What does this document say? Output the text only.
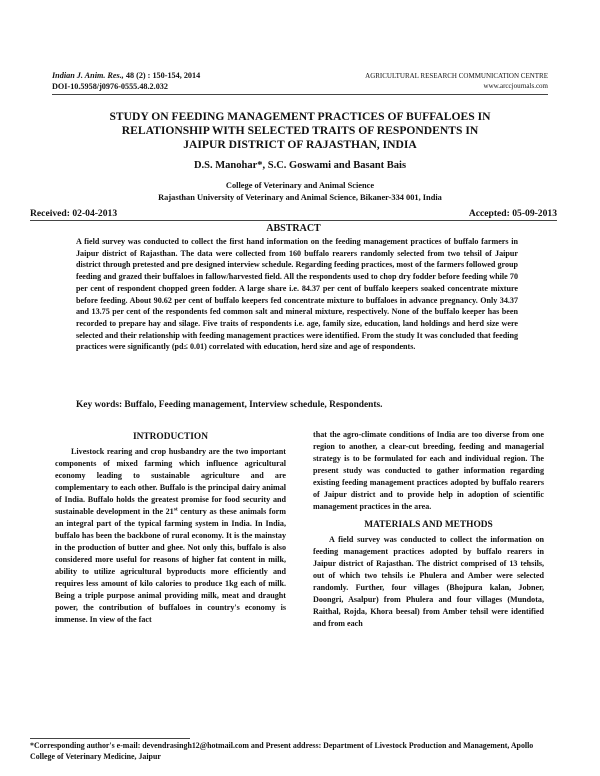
Indian J. Anim. Res., 48 (2) : 150-154, 2014
DOI-10.5958/j0976-0555.48.2.032
AGRICULTURAL RESEARCH COMMUNICATION CENTRE
www.arccjournals.com
STUDY ON FEEDING MANAGEMENT PRACTICES OF BUFFALOES IN
RELATIONSHIP WITH SELECTED TRAITS OF RESPONDENTS IN
JAIPUR DISTRICT OF RAJASTHAN, INDIA
D.S. Manohar*, S.C. Goswami and Basant Bais
College of Veterinary and Animal Science
Rajasthan University of Veterinary and Animal Science, Bikaner-334 001, India
Received: 02-04-2013	Accepted: 05-09-2013
ABSTRACT
A field survey was conducted to collect the first hand information on the feeding management practices of buffalo farmers in Jaipur district of Rajasthan. The data were collected from 160 buffalo rearers randomly selected from two tehsil of Jaipur district through pretested and pre designed interview schedule. Regarding feeding practices, most of the farmers followed group feeding and grazed their buffaloes in fallow/harvested field. All the respondents used to chop dry fodder before feeding while 70 per cent of respondent chopped green fodder. A large share i.e. 84.37 per cent of buffalo keepers soaked concentrate mixture before feeding. About 90.62 per cent of buffalo keepers fed concentrate mixture to buffaloes in advance pregnancy. Only 34.37 and 13.75 per cent of the respondents fed common salt and mineral mixture, respectively. None of the buffalo keeper has been recorded to prepare hay and silage. Five traits of respondents i.e. age, family size, education, land holdings and herd size were selected and their relationship with feeding management practices were identified. From the study It was concluded that feeding practices were significantly (pd≤ 0.01) correlated with education, herd size and age of respondents.
Key words: Buffalo, Feeding management, Interview schedule, Respondents.
INTRODUCTION

Livestock rearing and crop husbandry are the two important components of mixed farming which influence agricultural economy leading to sustainable agriculture and are complementary to each other. Buffalo is the principal dairy animal of India. Buffalo holds the greatest promise for food security and sustainable development in the 21st century as these animals form an integral part of the typical farming system in India. In India, buffalo has been the backbone of rural economy. It is the mainstay in the production of butter and ghee. Not only this, buffalo is also considered more useful for reasons of higher fat content in milk, ability to utilize agricultural byproducts more efficiently and requires less amount of kilo calories to produce 1kg each of milk. Being a triple purpose animal providing milk, meat and draught power, the contribution of buffaloes in country's economy is immense. In view of the fact

that the agro-climate conditions of India are too diverse from one region to another, a clear-cut breeding, feeding and managerial strategy is to be formulated for each and individual region. The present study was conducted to gather information regarding existing feeding management practices adopted by buffalo rearers of Jaipur district and to provide help in adoption of scientific management practices in the area.

MATERIALS AND METHODS

A field survey was conducted to collect the information on feeding management practices adopted by buffalo rearers in Jaipur district of Rajasthan. The district comprised of 13 tehsils, out of which two tehsils i.e Phulera and Amber were selected randomly. Further, four villages (Bhojpura kalan, Jobner, Doongri, Asalpur) from Phulera and four villages (Mundota, Raithal, Rojda, Khora beesal) from Amber tehsil were identified and from each

*Corresponding author's e-mail: devendrasingh12@hotmail.com and Present address: Department of Livestock Production and Management, Apollo College of Veterinary Medicine, Jaipur
